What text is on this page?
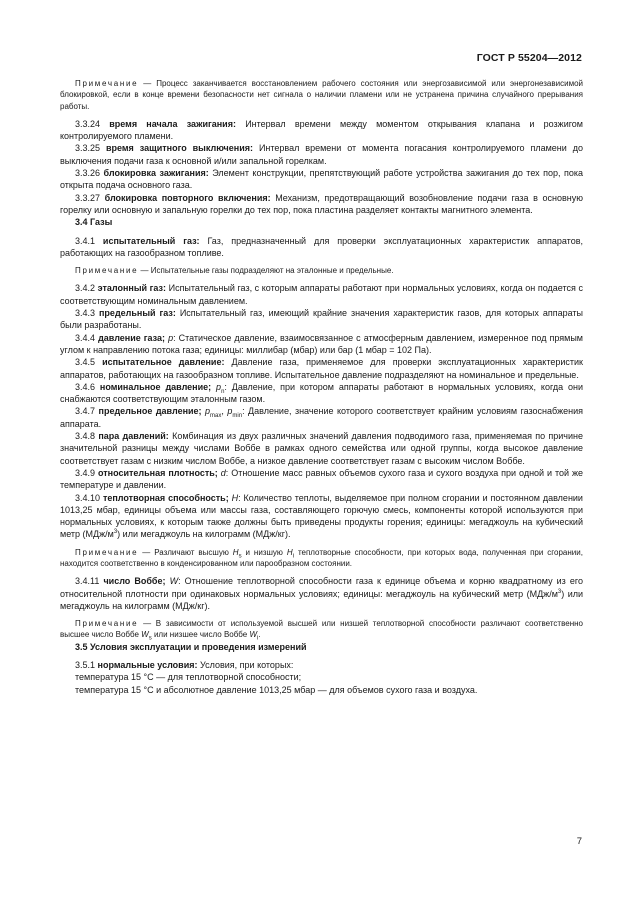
ГОСТ Р 55204—2012

Примечание — Процесс заканчивается восстановлением рабочего состояния или энергозависимой или энергонезависимой блокировкой, если в конце времени безопасности нет сигнала о наличии пламени или не устранена причина случайного прерывания работы.

3.3.24 время начала зажигания: Интервал времени между моментом открывания клапана и розжигом контролируемого пламени.

3.3.25 время защитного выключения: Интервал времени от момента погасания контролируемого пламени до выключения подачи газа к основной и/или запальной горелкам.

3.3.26 блокировка зажигания: Элемент конструкции, препятствующий работе устройства зажигания до тех пор, пока открыта подача основного газа.

3.3.27 блокировка повторного включения: Механизм, предотвращающий возобновление подачи газа в основную горелку или основную и запальную горелки до тех пор, пока пластина разделяет контакты магнитного элемента.

3.4 Газы

3.4.1 испытательный газ: Газ, предназначенный для проверки эксплуатационных характеристик аппаратов, работающих на газообразном топливе.

Примечание — Испытательные газы подразделяют на эталонные и предельные.

3.4.2 эталонный газ: Испытательный газ, с которым аппараты работают при нормальных условиях, когда он подается с соответствующим номинальным давлением.

3.4.3 предельный газ: Испытательный газ, имеющий крайние значения характеристик газов, для которых аппараты были разработаны.

3.4.4 давление газа; p: Статическое давление, взаимосвязанное с атмосферным давлением, измеренное под прямым углом к направлению потока газа; единицы: миллибар (мбар) или бар (1 мбар = 102 Па).

3.4.5 испытательное давление: Давление газа, применяемое для проверки эксплуатационных характеристик аппаратов, работающих на газообразном топливе. Испытательное давление подразделяют на номинальное и предельные.

3.4.6 номинальное давление; $p_n$: Давление, при котором аппараты работают в нормальных условиях, когда они снабжаются соответствующим эталонным газом.

3.4.7 предельное давление; $p_{max}$, $p_{min}$: Давление, значение которого соответствует крайним условиям газоснабжения аппарата.

3.4.8 пара давлений: Комбинация из двух различных значений давления подводимого газа, применяемая по причине значительной разницы между числами Воббе в рамках одного семейства или одной группы, когда высокое давление соответствует газам с низким числом Воббе, а низкое давление соответствует газам с высоким числом Воббе.

3.4.9 относительная плотность; d: Отношение масс равных объемов сухого газа и сухого воздуха при одной и той же температуре и давлении.

3.4.10 теплотворная способность; H: Количество теплоты, выделяемое при полном сгорании и постоянном давлении 1013,25 мбар, единицы объема или массы газа, составляющего горючую смесь, компоненты которой используются при нормальных условиях, к которым также должны быть приведены продукты горения; единицы: мегаджоуль на кубический метр $(МДж/м^3)$ или мегаджоуль на килограмм (МДж/кг).

Примечание — Различают высшую $H_s$ и низшую $H_i$ теплотворные способности, при которых вода, полученная при сгорании, находится соответственно в конденсированном или парообразном состоянии.

3.4.11 число Воббе; W: Отношение теплотворной способности газа к единице объема и корню квадратному из его относительной плотности при одинаковых нормальных условиях; единицы: мегаджоуль на кубический метр $(МДж/м^3)$ или мегаджоуль на килограмм (МДж/кг).

Примечание — В зависимости от используемой высшей или низшей теплотворной способности различают соответственно высшее число Воббе $W_s$ или низшее число Воббе $W_i$.

3.5 Условия эксплуатации и проведения измерений

3.5.1 нормальные условия: Условия, при которых:

температура 15 °С — для теплотворной способности;

температура 15 °С и абсолютное давление 1013,25 мбар — для объемов сухого газа и воздуха.

7
